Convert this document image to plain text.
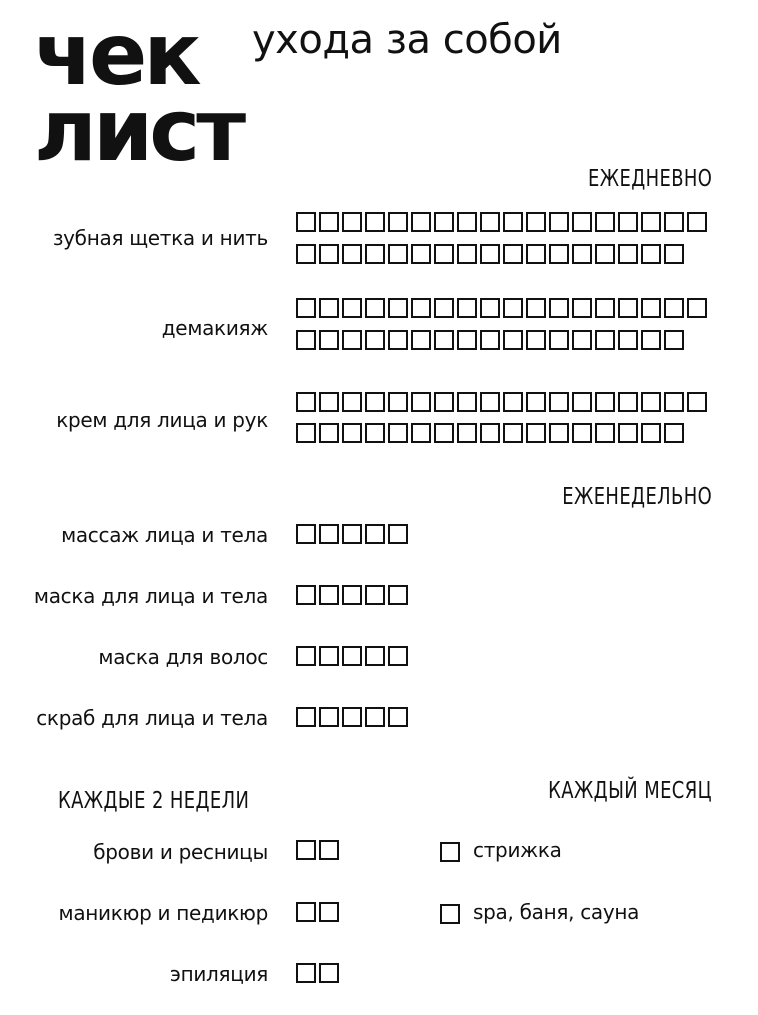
чек
лист
ухода за собой
ЕЖЕДНЕВНО
ЕЖЕНЕДЕЛЬНО
КАЖДЫЕ 2 НЕДЕЛИ	КАЖДЫЙ МЕСЯЦ
зубная щетка и нить
демакияж
крем для лица и рук
массаж лица и тела
маска для лица и тела
маска для волос
скраб для лица и тела
брови и ресницы
маникюр и педикюр
эпиляция
стрижка
spa, баня, сауна
